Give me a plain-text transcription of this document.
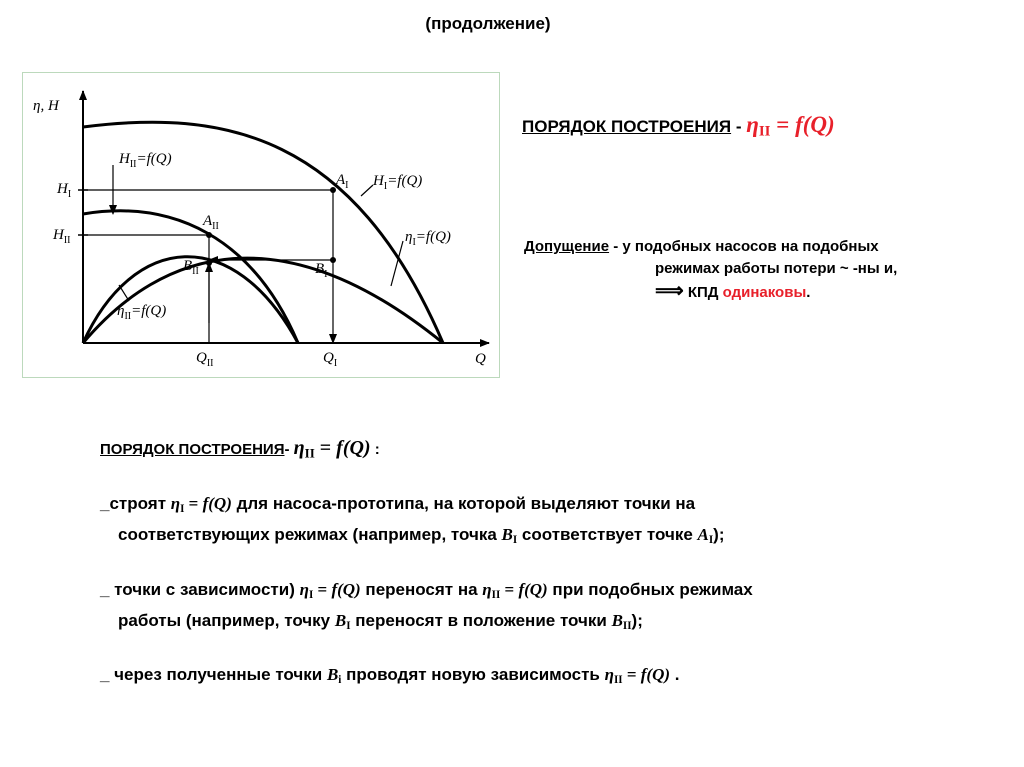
(продолжение)
η, H
Q
$H_{II}=f(Q)$
$H_I=f(Q)$
$\eta_I=f(Q)$
$\eta_{II}=f(Q)$
$H_I$
$H_{II}$
$Q_{II}$	$Q_I$
$A_I$
$A_{II}$
$B_I$
$B_{II}$
ПОРЯДОК ПОСТРОЕНИЯ - $\eta_{II} = f(Q)$
Допущение - у подобных насосов на подобных
режимах работы потери ~ -ны и,
⟹ КПД одинаковы.
ПОРЯДОК ПОСТРОЕНИЯ- $\eta_{II} = f(Q)$ :
_строят $\eta_I = f(Q)$ для насоса-прототипа, на которой выделяют точки на
соответствующих режимах (например, точка $B_I$ соответствует точке $A_I$);
_ точки с зависимости) $\eta_I = f(Q)$ переносят на $\eta_{II} = f(Q)$ при подобных режимах
работы (например, точку $B_I$ переносят в положение точки $B_{II}$);
_ через полученные точки $B_i$ проводят новую зависимость $\eta_{II} = f(Q)$ .
